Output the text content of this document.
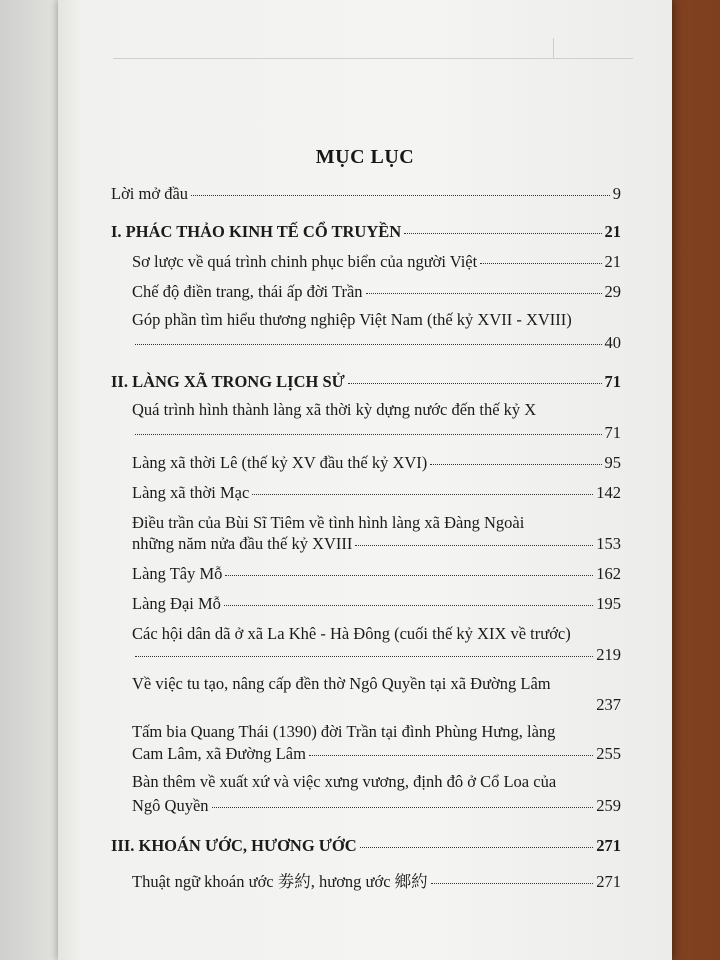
MỤC LỤC
Lời mở đầu	9
I. PHÁC THẢO KINH TẾ CỔ TRUYỀN	21
Sơ lược về quá trình chinh phục biển của người Việt	21
Chế độ điền trang, thái ấp đời Trần	29
Góp phần tìm hiểu thương nghiệp Việt Nam (thế kỷ XVII - XVIII)
40
II. LÀNG XÃ TRONG LỊCH SỬ	71
Quá trình hình thành làng xã thời kỳ dựng nước đến thế kỷ X
71
Làng xã thời Lê (thế kỷ XV đầu thế kỷ XVI)	95
Làng xã thời Mạc	142
Điều trần của Bùi Sĩ Tiêm về tình hình làng xã Đàng Ngoài
những năm nửa đầu thế kỷ XVIII	153
Làng Tây Mỗ	162
Làng Đại Mỗ	195
Các hội dân dã ở xã La Khê - Hà Đông (cuối thế kỷ XIX về trước)
219
Về việc tu tạo, nâng cấp đền thờ Ngô Quyền tại xã Đường Lâm
237
Tấm bia Quang Thái (1390) đời Trần tại đình Phùng Hưng, làng
Cam Lâm, xã Đường Lâm	255
Bàn thêm về xuất xứ và việc xưng vương, định đô ở Cổ Loa của
Ngô Quyền	259
III. KHOÁN ƯỚC, HƯƠNG ƯỚC	271
Thuật ngữ khoán ước 劵約, hương ước 鄉約	271
